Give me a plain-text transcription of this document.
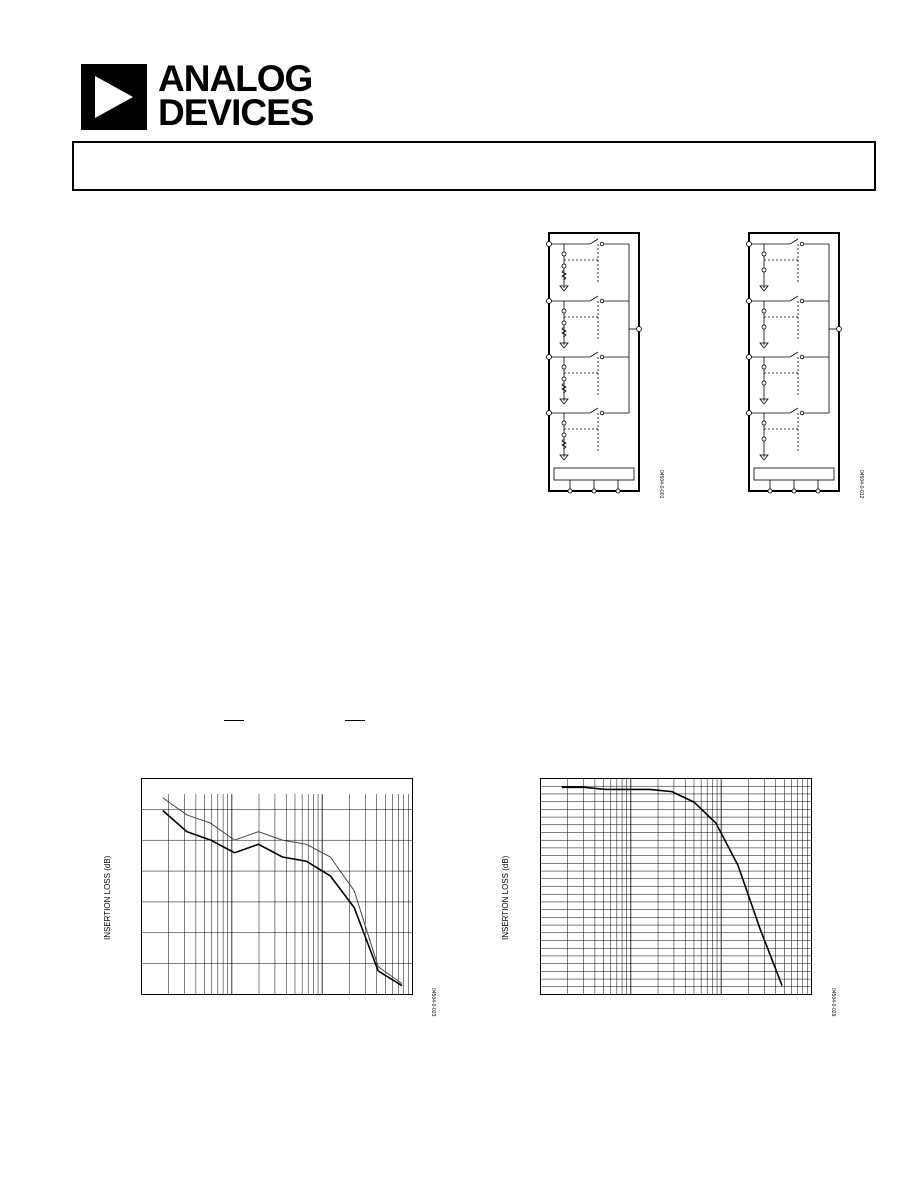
ANALOG
DEVICES
04504-0-001	04504-0-012
INSERTION LOSS (dB)
04504-0-023
INSERTION LOSS (dB)
04504-0-029
